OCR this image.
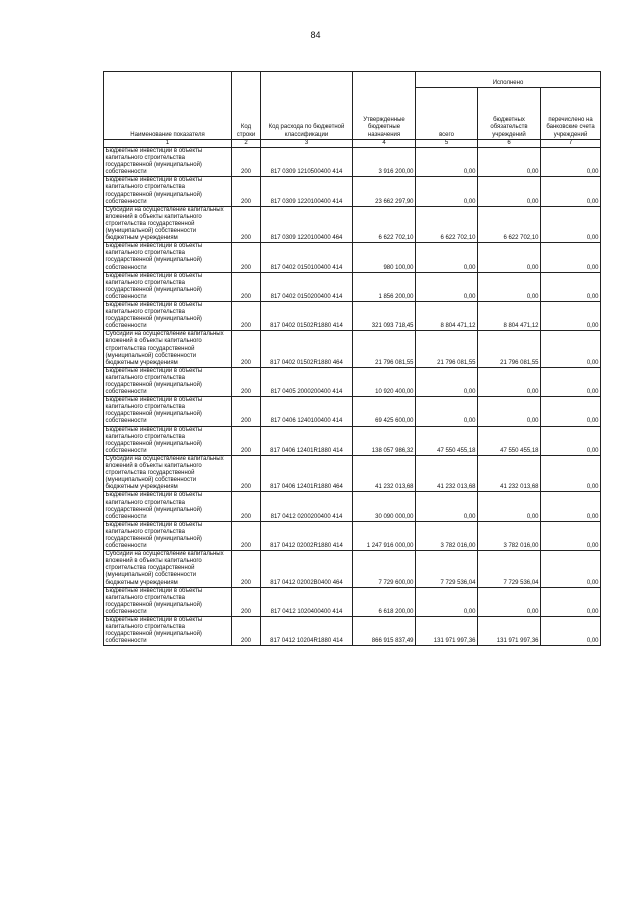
84
Наименование показателя	Код строки	Код расхода по бюджетной классификации	Утвержденные бюджетные назначения	Исполнено		
				всего	бюджетных обязательств учреждений	перечислено на банковские счета учреждений
1	2	3	4	5	6	7
Бюджетные инвестиции в объекты капитального строительства государственной (муниципальной) собственности	200	817 0309 1210500400 414	3 916 200,00	0,00	0,00	0,00
Бюджетные инвестиции в объекты капитального строительства государственной (муниципальной) собственности	200	817 0309 1220100400 414	23 662 297,90	0,00	0,00	0,00
Субсидии на осуществление капитальных вложений в объекты капитального строительства государственной (муниципальной) собственности бюджетным учреждениям	200	817 0309 1220100400 464	6 622 702,10	6 622 702,10	6 622 702,10	0,00
Бюджетные инвестиции в объекты капитального строительства государственной (муниципальной) собственности	200	817 0402 0150100400 414	980 100,00	0,00	0,00	0,00
Бюджетные инвестиции в объекты капитального строительства государственной (муниципальной) собственности	200	817 0402 0150200400 414	1 856 200,00	0,00	0,00	0,00
Бюджетные инвестиции в объекты капитального строительства государственной (муниципальной) собственности	200	817 0402 01502R1880 414	321 093 718,45	8 804 471,12	8 804 471,12	0,00
Субсидии на осуществление капитальных вложений в объекты капитального строительства государственной (муниципальной) собственности бюджетным учреждениям	200	817 0402 01502R1880 464	21 796 081,55	21 796 081,55	21 796 081,55	0,00
Бюджетные инвестиции в объекты капитального строительства государственной (муниципальной) собственности	200	817 0405 2000200400 414	10 920 400,00	0,00	0,00	0,00
Бюджетные инвестиции в объекты капитального строительства государственной (муниципальной) собственности	200	817 0406 1240100400 414	69 425 600,00	0,00	0,00	0,00
Бюджетные инвестиции в объекты капитального строительства государственной (муниципальной) собственности	200	817 0406 12401R1880 414	138 057 986,32	47 550 455,18	47 550 455,18	0,00
Субсидии на осуществление капитальных вложений в объекты капитального строительства государственной (муниципальной) собственности бюджетным учреждениям	200	817 0406 12401R1880 464	41 232 013,68	41 232 013,68	41 232 013,68	0,00
Бюджетные инвестиции в объекты капитального строительства государственной (муниципальной) собственности	200	817 0412 0200200400 414	30 090 000,00	0,00	0,00	0,00
Бюджетные инвестиции в объекты капитального строительства государственной (муниципальной) собственности	200	817 0412 02002R1880 414	1 247 916 000,00	3 782 016,00	3 782 016,00	0,00
Субсидии на осуществление капитальных вложений в объекты капитального строительства государственной (муниципальной) собственности бюджетным учреждениям	200	817 0412 02002B0400 464	7 729 600,00	7 729 536,04	7 729 536,04	0,00
Бюджетные инвестиции в объекты капитального строительства государственной (муниципальной) собственности	200	817 0412 1020400400 414	6 618 200,00	0,00	0,00	0,00
Бюджетные инвестиции в объекты капитального строительства государственной (муниципальной) собственности	200	817 0412 10204R1880 414	866 915 837,49	131 971 997,36	131 971 997,36	0,00
